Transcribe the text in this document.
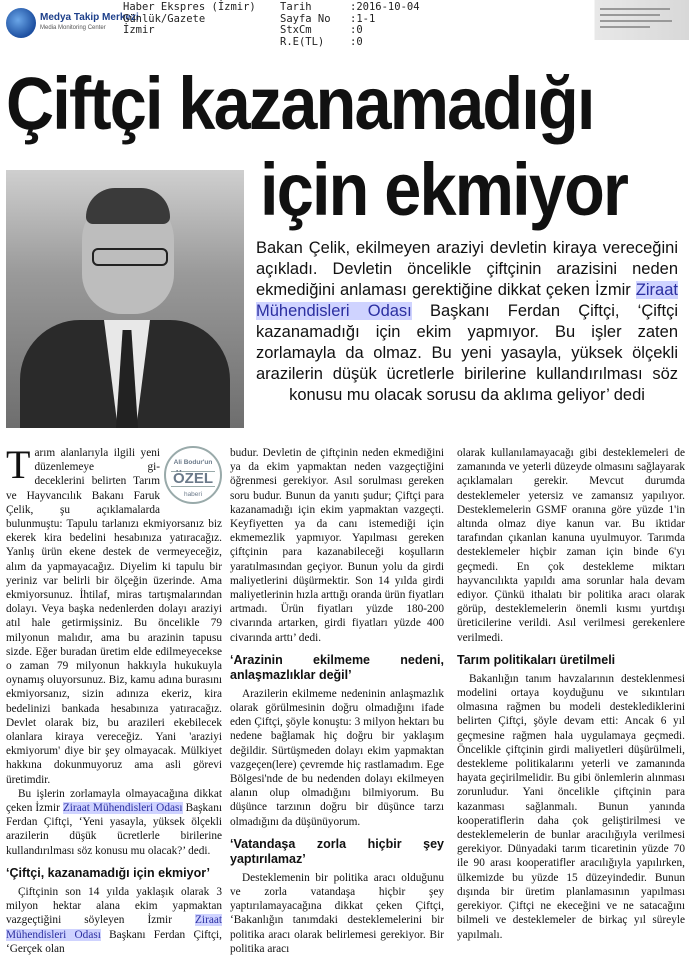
Medya Takip Merkezi
Media Monitoring Center
Haber Ekspres (İzmir)
Günlük/Gazete
İzmir
Tarih	:2016-10-04
Sayfa No :1-1
StxCm	:0
R.E(TL) :0
Çiftçi kazanamadığı
için ekmiyor
Bakan Çelik, ekilmeyen araziyi devletin kiraya vereceğini açıkladı. Devletin öncelikle çiftçinin arazisini neden ekmediğini anlaması gerektiğine dikkat çeken İzmir Ziraat Mühendisleri Odası Başkanı Ferdan Çiftçi, ‘Çiftçi kazanamadığı için ekim yapmıyor. Bu işler zaten zorlamayla da olmaz. Bu yeni yasayla, yüksek ölçekli arazilerin düşük ücretlerle birilerine kullandırılması söz konusu mu olacak sorusu da aklıma geliyor’ dedi
Ali Bodur'un
ÖZEL
haberi

Tarım alanlarıyla ilgili yeni düzenlemeye gi- deceklerini belirten Tarım ve Hayvancılık Bakanı Faruk Çelik, şu açıklamalarda bulunmuştu: Tapulu tarlanızı ekmiyorsanız biz ekerek kira bedelini hesabınıza yatıracağız. Yanlış ürün ekene destek de vermeyeceğiz, alım da yapmayacağız. Diyelim ki tapulu bir yeriniz var belirli bir ölçeğin üzerinde. Ama ekmiyorsunuz. İhtilaf, miras tartışmalarından dolayı. Veya başka nedenlerden dolayı araziyi atıl hale getirmişsiniz. Bu öncelikle 79 milyonun malıdır, ama bu arazinin tapusu sizde. Eğer buradan üretim elde edilmeyecekse o zaman 79 milyonun hakkıyla hukukuyla oynamış oluyorsunuz. Biz, kamu adına burasını ekmiyorsanız, sizin adınıza ekeriz, kira bedelinizi bankada hesabınıza yatıracağız. Devlet olarak biz, bu arazileri ekebilecek olanlara kiraya vereceğiz. Yani 'araziyi ekmiyorum' diye bir şey olmayacak. Mülkiyet hakkına dokunmuyoruz ama asli görevi üretimdir.

Bu işlerin zorlamayla olmayacağına dikkat çeken İzmir Ziraat Mühendisleri Odası Başkanı Ferdan Çiftçi, ‘Yeni yasayla, yüksek ölçekli arazilerin düşük ücretlerle birilerine kullandırılması söz konusu mu olacak?’ dedi.

‘Çiftçi, kazanamadığı için ekmiyor’

Çiftçinin son 14 yılda yaklaşık olarak 3 milyon hektar alana ekim yapmaktan vazgeçtiğini söyleyen İzmir Ziraat Mühendisleri Odası Başkanı Ferdan Çiftçi, ‘Gerçek olan

budur. Devletin de çiftçinin neden ekmediğini ya da ekim yapmaktan neden vazgeçtiğini öğrenmesi gerekiyor. Asıl sorulması gereken soru budur. Bunun da yanıtı şudur; Çiftçi para kazanamadığı için ekim yapmaktan vazgeçti. Keyfiyetten ya da canı istemediği için ekmemezlik yapmıyor. Yapılması gereken çiftçinin para kazanabileceği koşulların yaratılmasından geçiyor. Bunun yolu da girdi maliyetlerini düşürmektir. Son 14 yılda girdi maliyetlerinin hızla arttığı oranda ürün fiyatları artmadı. Ürün fiyatları yüzde 180-200 civarında artarken, girdi fiyatları yüzde 400 civarında arttı’ dedi.

‘Arazinin ekilmeme nedeni, anlaşmazlıklar değil’

Arazilerin ekilmeme nedeninin anlaşmazlık olarak görülmesinin doğru olmadığını ifade eden Çiftçi, şöyle konuştu: 3 milyon hektarı bu nedene bağlamak hiç doğru bir yaklaşım değildir. Sürtüşmeden dolayı ekim yapmaktan vazgeçen(lere) çevremde hiç rastlamadım. Ege Bölgesi'nde de bu nedenden dolayı ekilmeyen alanın olup olmadığını bilmiyorum. Bu düşünce tarzının doğru bir düşünce tarzı olmadığını da düşünüyorum.

‘Vatandaşa zorla hiçbir şey yaptırılamaz’

Desteklemenin bir politika aracı olduğunu ve zorla vatandaşa hiçbir şey yaptırılamayacağına dikkat çeken Çiftçi, ‘Bakanlığın tanımdaki desteklemelerini bir politika aracı olarak belirlemesi gerekiyor. Bir politika aracı

olarak kullanılamayacağı gibi desteklemeleri de zamanında ve yeterli düzeyde olmasını sağlayarak açıklamaları gerekir. Mevcut durumda desteklemeler yetersiz ve zamansız yapılıyor. Desteklemelerin GSMF oranına göre yüzde 1'in altında olmaz diye kanun var. Bu iktidar tarafından çıkanlan kanuna uyulmuyor. Tarımda desteklemeler hiçbir zaman için binde 6'yı geçmedi. En çok destekleme miktarı hayvancılıkta yapıldı ama sorunlar hala devam ediyor. Çünkü ithalatı bir politika aracı olarak görüp, desteklemelerin önemli kısmı yurtdışı üreticilerine verildi. Asıl verilmesi gerekenlere verilmedi.

Tarım politikaları üretilmeli

Bakanlığın tanım havzalarının desteklenmesi modelini ortaya koyduğunu ve sıkıntıları olmasına rağmen bu modeli desteklediklerini belirten Çiftçi, şöyle devam etti: Ancak 6 yıl geçmesine rağmen hala uygulamaya geçmedi. Öncelikle çiftçinin girdi maliyetleri düşürülmeli, destekleme politikalarını yeterli ve zamanında hayata geçirilmelidir. Bu gibi önlemlerin alınması zorunludur. Yani öncelikle çiftçinin para kazanması sağlanmalı. Bunun yanında kooperatiflerin daha çok geliştirilmesi ve desteklemelerin de bunlar aracılığıyla verilmesi gerekiyor. Dünyadaki tarım ticaretinin yüzde 70 ile 90 arası kooperatifler aracılığıyla yapılırken, ülkemizde bu yüzde 15 düzeyindedir. Bunun dışında bir üretim planlamasının yapılması gerekiyor. Çiftçi ne ekeceğini ve ne satacağını bilmeli ve desteklemeler de birkaç yıl süreyle yapılmalı.
